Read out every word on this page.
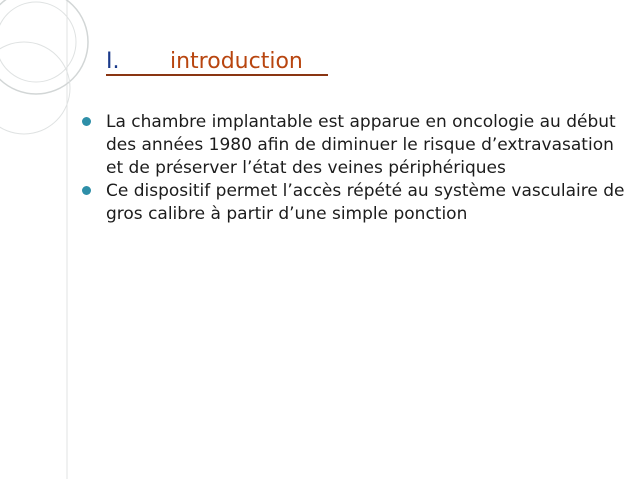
I. introduction
La chambre implantable est apparue en oncologie au début des années 1980 afin de diminuer le risque d’extravasation et de préserver l’état des veines périphériques
Ce dispositif permet l’accès répété au système vasculaire de gros calibre à partir d’une simple ponction
